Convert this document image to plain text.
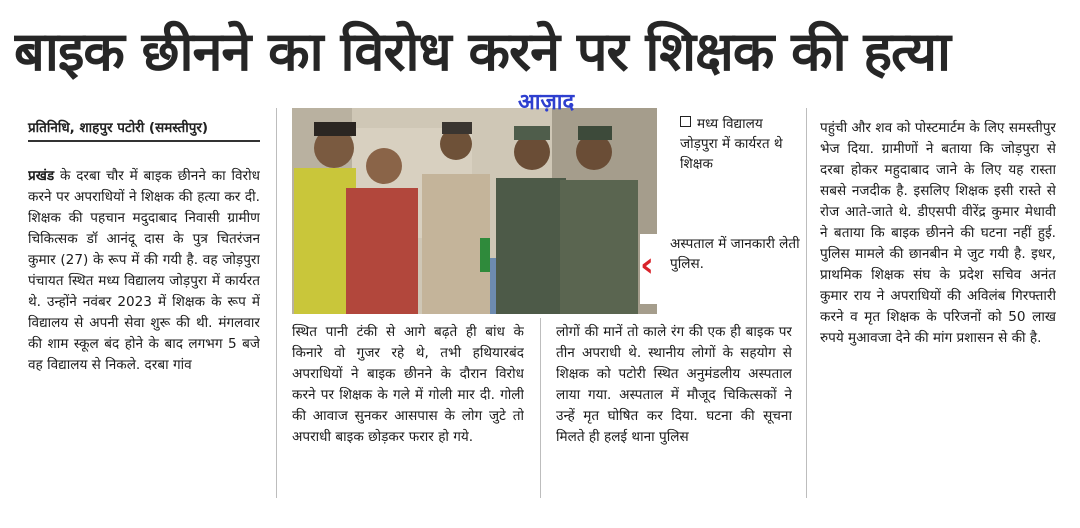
बाइक छीनने का विरोध करने पर शिक्षक की हत्या
प्रतिनिधि, शाहपुर पटोरी (समस्तीपुर)
प्रखंड के दरबा चौर में बाइक छीनने का विरोध करने पर अपराधियों ने शिक्षक की हत्या कर दी. शिक्षक की पहचान मदुदाबाद निवासी ग्रामीण चिकित्सक डॉ आनंदू दास के पुत्र चितरंजन कुमार (27) के रूप में की गयी है. वह जोड़पुरा पंचायत स्थित मध्य विद्यालय जोड़पुरा में कार्यरत थे. उन्होंने नवंबर 2023 में शिक्षक के रूप में विद्यालय से अपनी सेवा शुरू की थी. मंगलवार की शाम स्कूल बंद होने के बाद लगभग 5 बजे वह विद्यालय से निकले. दरबा गांव
आज़ाद
मध्य विद्यालय जोड़पुरा में कार्यरत थे शिक्षक
‹
अस्पताल में जानकारी लेती पुलिस.
स्थित पानी टंकी से आगे बढ़ते ही बांध के किनारे वो गुजर रहे थे, तभी हथियारबंद अपराधियों ने बाइक छीनने के दौरान विरोध करने पर शिक्षक के गले में गोली मार दी. गोली की आवाज सुनकर आसपास के लोग जुटे तो अपराधी बाइक छोड़कर फरार हो गये.
लोगों की मानें तो काले रंग की एक ही बाइक पर तीन अपराधी थे. स्थानीय लोगों के सहयोग से शिक्षक को पटोरी स्थित अनुमंडलीय अस्पताल लाया गया. अस्पताल में मौजूद चिकित्सकों ने उन्हें मृत घोषित कर दिया. घटना की सूचना मिलते ही हलई थाना पुलिस
पहुंची और शव को पोस्टमार्टम के लिए समस्तीपुर भेज दिया. ग्रामीणों ने बताया कि जोड़पुरा से दरबा होकर महुदाबाद जाने के लिए यह रास्ता सबसे नजदीक है. इसलिए शिक्षक इसी रास्ते से रोज आते-जाते थे. डीएसपी वीरेंद्र कुमार मेधावी ने बताया कि बाइक छीनने की घटना नहीं हुई. पुलिस मामले की छानबीन मे जुट गयी है. इधर, प्राथमिक शिक्षक संघ के प्रदेश सचिव अनंत कुमार राय ने अपराधियों की अविलंब गिरफ्तारी करने व मृत शिक्षक के परिजनों को 50 लाख रुपये मुआवजा देने की मांग प्रशासन से की है.
